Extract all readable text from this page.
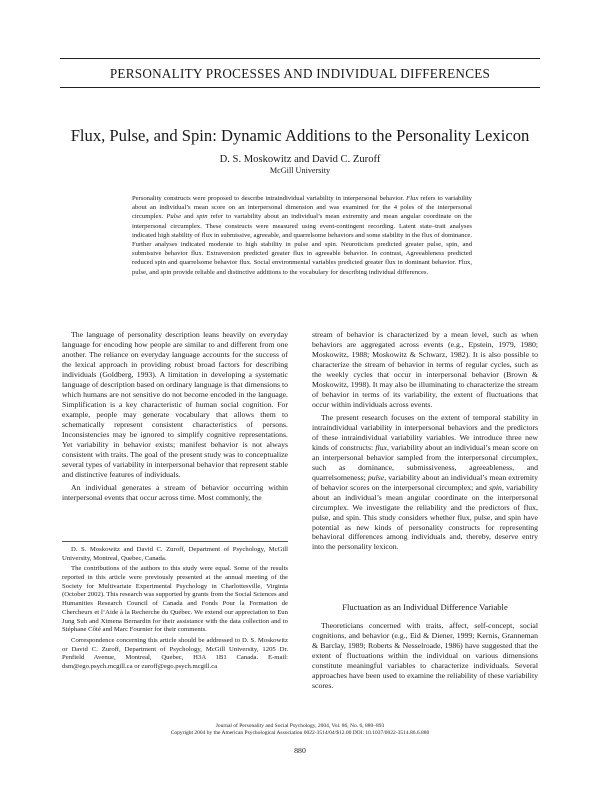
PERSONALITY PROCESSES AND INDIVIDUAL DIFFERENCES
Flux, Pulse, and Spin: Dynamic Additions to the Personality Lexicon
D. S. Moskowitz and David C. Zuroff
McGill University

Personality constructs were proposed to describe intraindividual variability in interpersonal behavior. Flux refers to variability about an individual’s mean score on an interpersonal dimension and was examined for the 4 poles of the interpersonal circumplex. Pulse and spin refer to variability about an individual’s mean extremity and mean angular coordinate on the interpersonal circumplex. These constructs were measured using event-contingent recording. Latent state–trait analyses indicated high stability of flux in submissive, agreeable, and quarrelsome behaviors and some stability in the flux of dominance. Further analyses indicated moderate to high stability in pulse and spin. Neuroticism predicted greater pulse, spin, and submissive behavior flux. Extraversion predicted greater flux in agreeable behavior. In contrast, Agreeableness predicted reduced spin and quarrelsome behavior flux. Social environmental variables predicted greater flux in dominant behavior. Flux, pulse, and spin provide reliable and distinctive additions to the vocabulary for describing individual differences.

The language of personality description leans heavily on everyday language for encoding how people are similar to and different from one another. The reliance on everyday language accounts for the success of the lexical approach in providing robust broad factors for describing individuals (Goldberg, 1993). A limitation in developing a systematic language of description based on ordinary language is that dimensions to which humans are not sensitive do not become encoded in the language. Simplification is a key characteristic of human social cognition. For example, people may generate vocabulary that allows them to schematically represent consistent characteristics of persons. Inconsistencies may be ignored to simplify cognitive representations. Yet variability in behavior exists; manifest behavior is not always consistent with traits. The goal of the present study was to conceptualize several types of variability in interpersonal behavior that represent stable and distinctive features of individuals.

An individual generates a stream of behavior occurring within interpersonal events that occur across time. Most commonly, the

D. S. Moskowitz and David C. Zuroff, Department of Psychology, McGill University, Montreal, Quebec, Canada.

The contributions of the authors to this study were equal. Some of the results reported in this article were previously presented at the annual meeting of the Society for Multivariate Experimental Psychology in Charlottesville, Virginia (October 2002). This research was supported by grants from the Social Sciences and Humanities Research Council of Canada and Fonds Pour la Formation de Chercheurs et l’Aide à la Recherche du Québec. We extend our appreciation to Eun Jung Suh and Ximena Bernardin for their assistance with the data collection and to Stéphane Côté and Marc Fournier for their comments.

Correspondence concerning this article should be addressed to D. S. Moskowitz or David C. Zuroff, Department of Psychology, McGill University, 1205 Dr. Penfield Avenue, Montreal, Quebec, H3A 1B1 Canada. E-mail: dsm@ego.psych.mcgill.ca or zuroff@ego.psych.mcgill.ca

stream of behavior is characterized by a mean level, such as when behaviors are aggregated across events (e.g., Epstein, 1979, 1980; Moskowitz, 1988; Moskowitz & Schwarz, 1982). It is also possible to characterize the stream of behavior in terms of regular cycles, such as the weekly cycles that occur in interpersonal behavior (Brown & Moskowitz, 1998). It may also be illuminating to characterize the stream of behavior in terms of its variability, the extent of fluctuations that occur within individuals across events.

The present research focuses on the extent of temporal stability in intraindividual variability in interpersonal behaviors and the predictors of these intraindividual variability variables. We introduce three new kinds of constructs: flux, variability about an individual’s mean score on an interpersonal behavior sampled from the interpersonal circumplex, such as dominance, submissiveness, agreeableness, and quarrelsomeness; pulse, variability about an individual’s mean extremity of behavior scores on the interpersonal circumplex; and spin, variability about an individual’s mean angular coordinate on the interpersonal circumplex. We investigate the reliability and the predictors of flux, pulse, and spin. This study considers whether flux, pulse, and spin have potential as new kinds of personality constructs for representing behavioral differences among individuals and, thereby, deserve entry into the personality lexicon.

Fluctuation as an Individual Difference Variable

Theoreticians concerned with traits, affect, self-concept, social cognitions, and behavior (e.g., Eid & Diener, 1999; Kernis, Granneman & Barclay, 1989; Roberts & Nesselroade, 1986) have suggested that the extent of fluctuations within the individual on various dimensions constitute meaningful variables to characterize individuals. Several approaches have been used to examine the reliability of these variability scores.

Journal of Personality and Social Psychology, 2004, Vol. 86, No. 6, 880–893
Copyright 2004 by the American Psychological Association 0022-3514/04/$12.00 DOI: 10.1037/0022-3514.86.6.880
880
